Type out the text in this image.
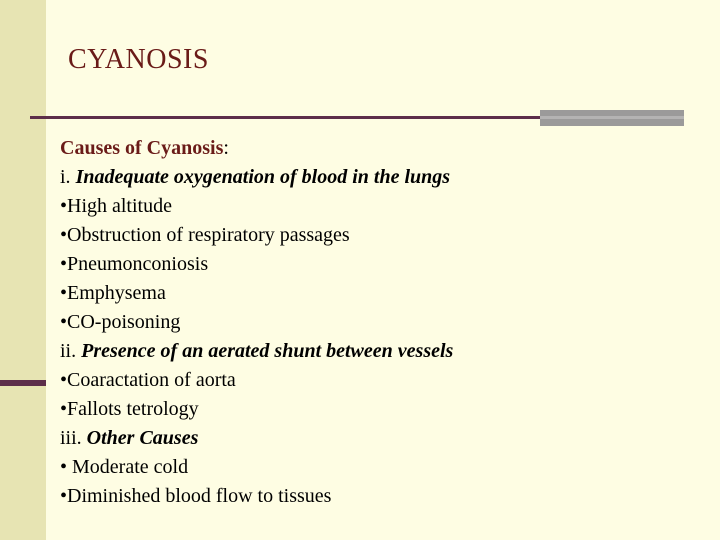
CYANOSIS
Causes of Cyanosis:
i. Inadequate oxygenation of blood in the lungs
•High altitude
•Obstruction of respiratory passages
•Pneumonconiosis
•Emphysema
•CO-poisoning
ii. Presence of an aerated shunt between vessels
•Coaractation of aorta
•Fallots tetrology
iii. Other Causes
• Moderate cold
•Diminished blood flow to tissues
